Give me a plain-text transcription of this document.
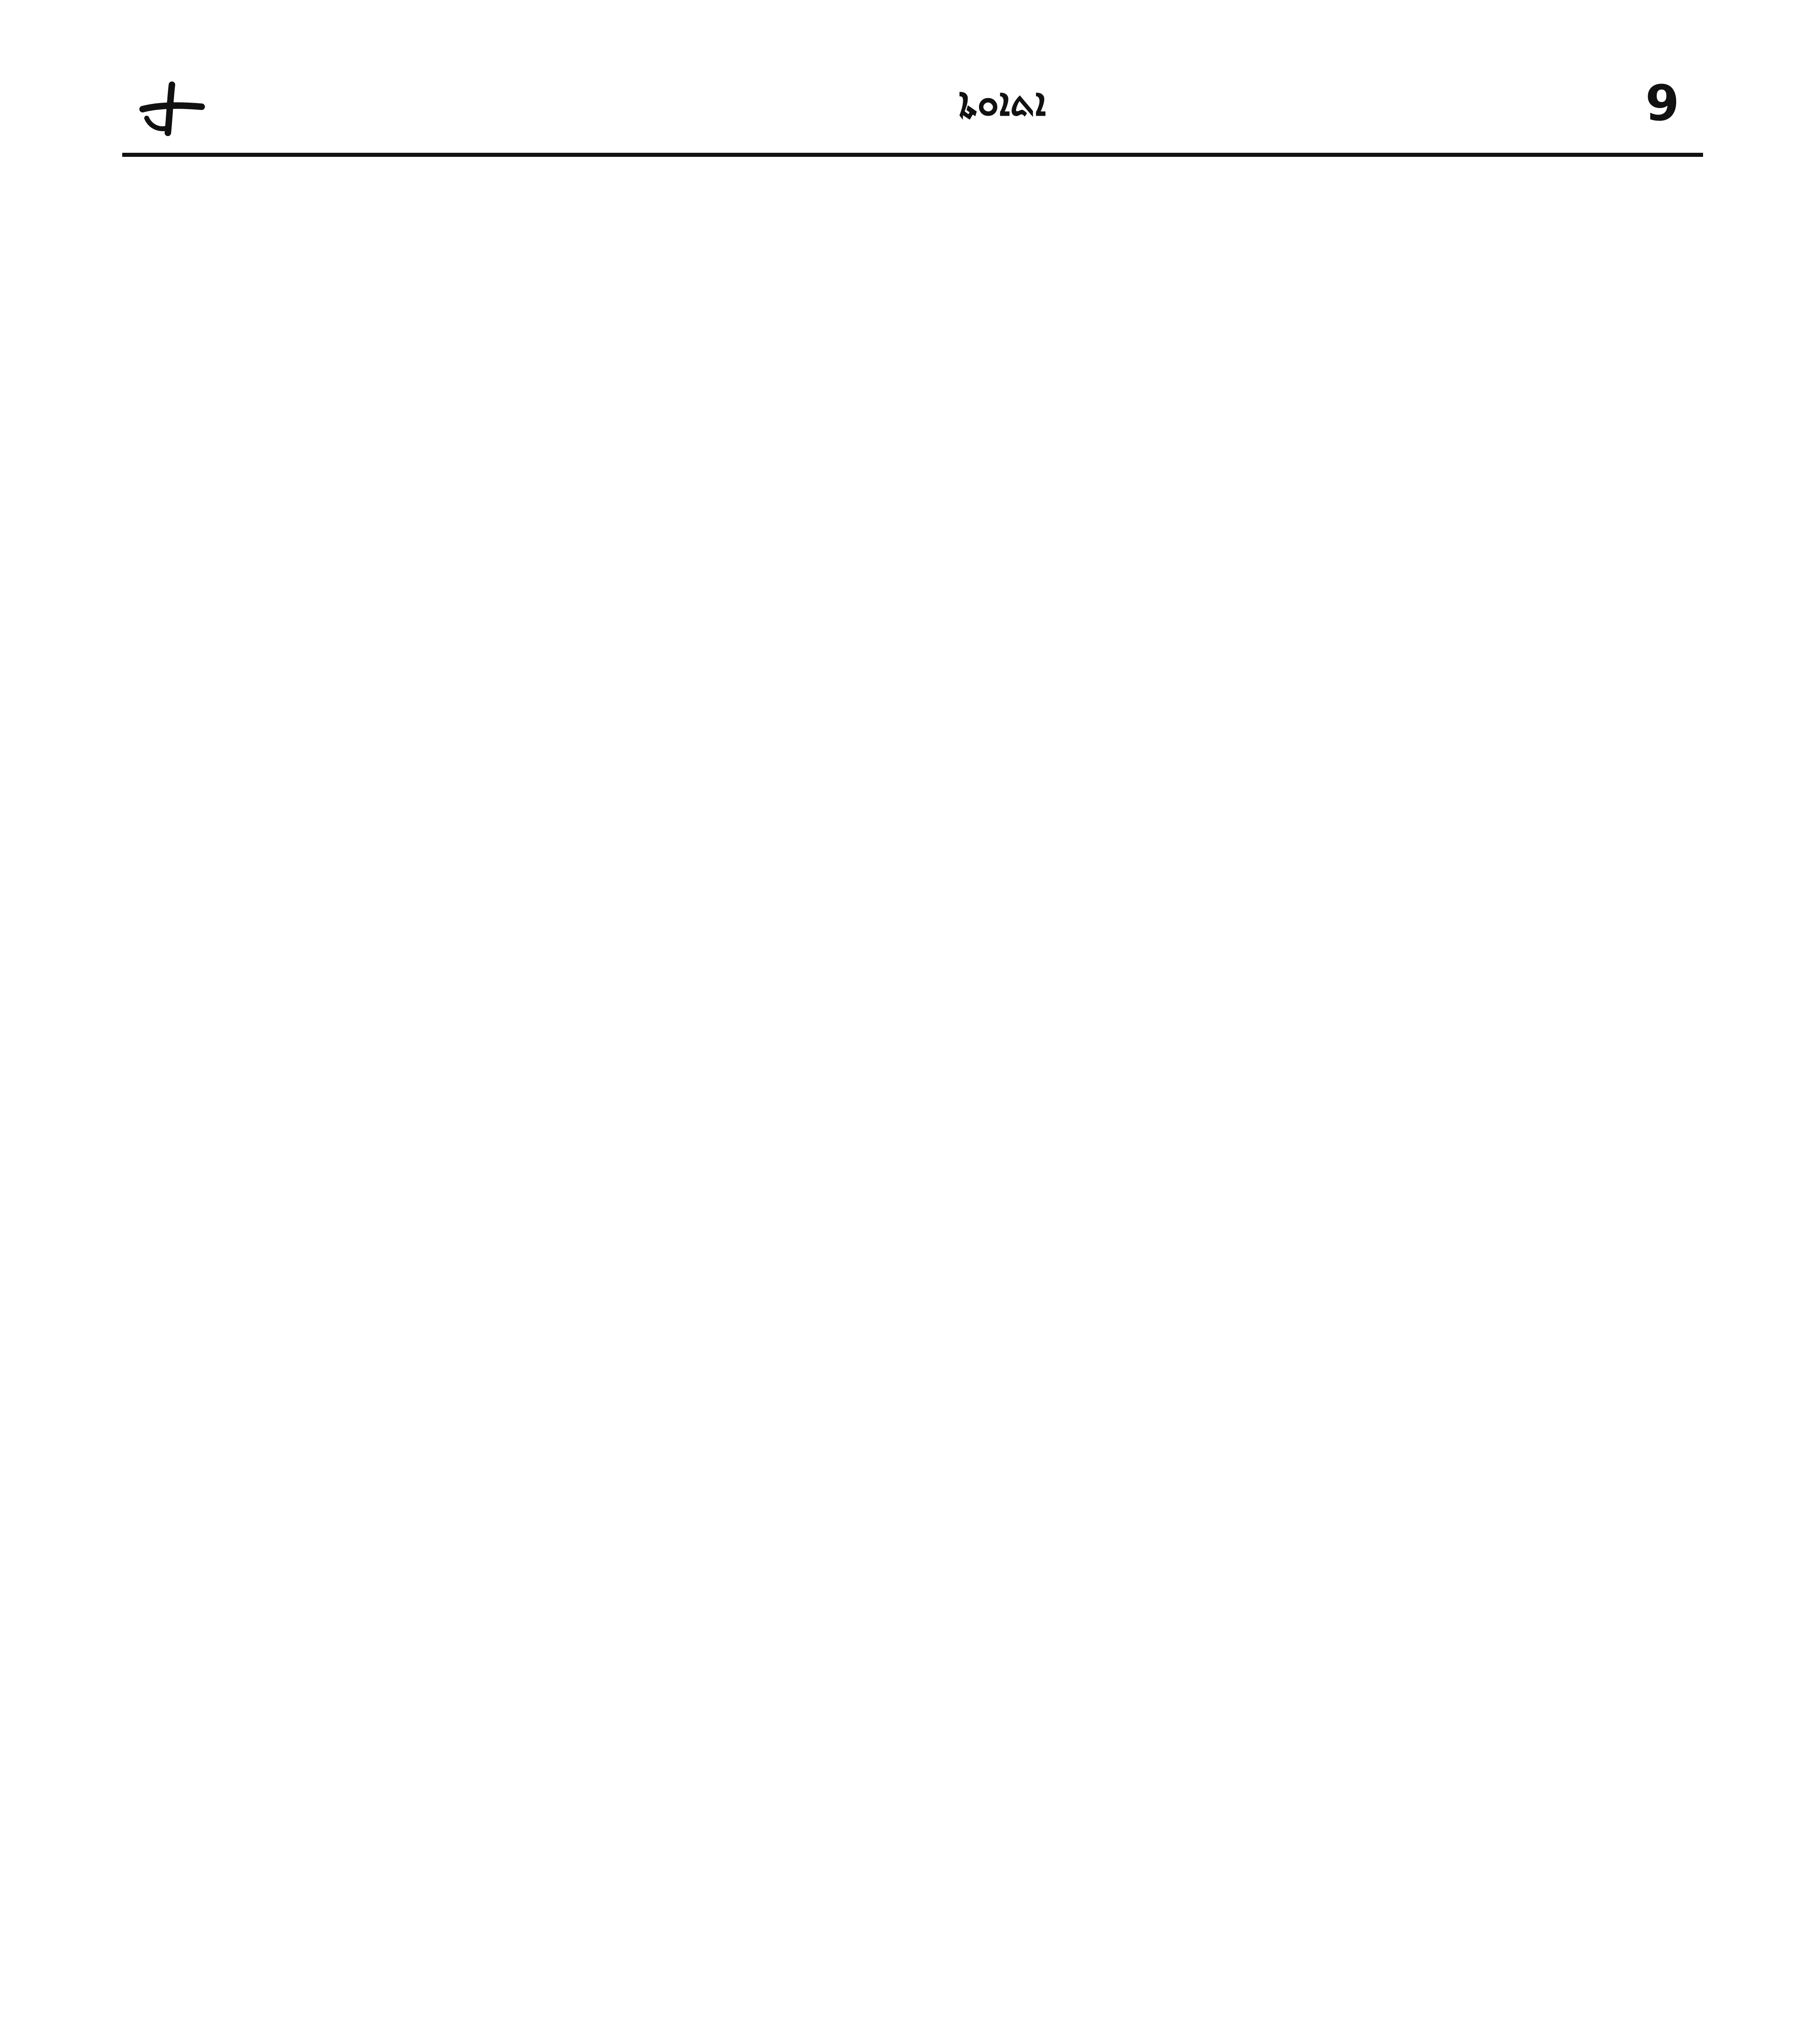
ܐܬܐܘܬܐ	9
